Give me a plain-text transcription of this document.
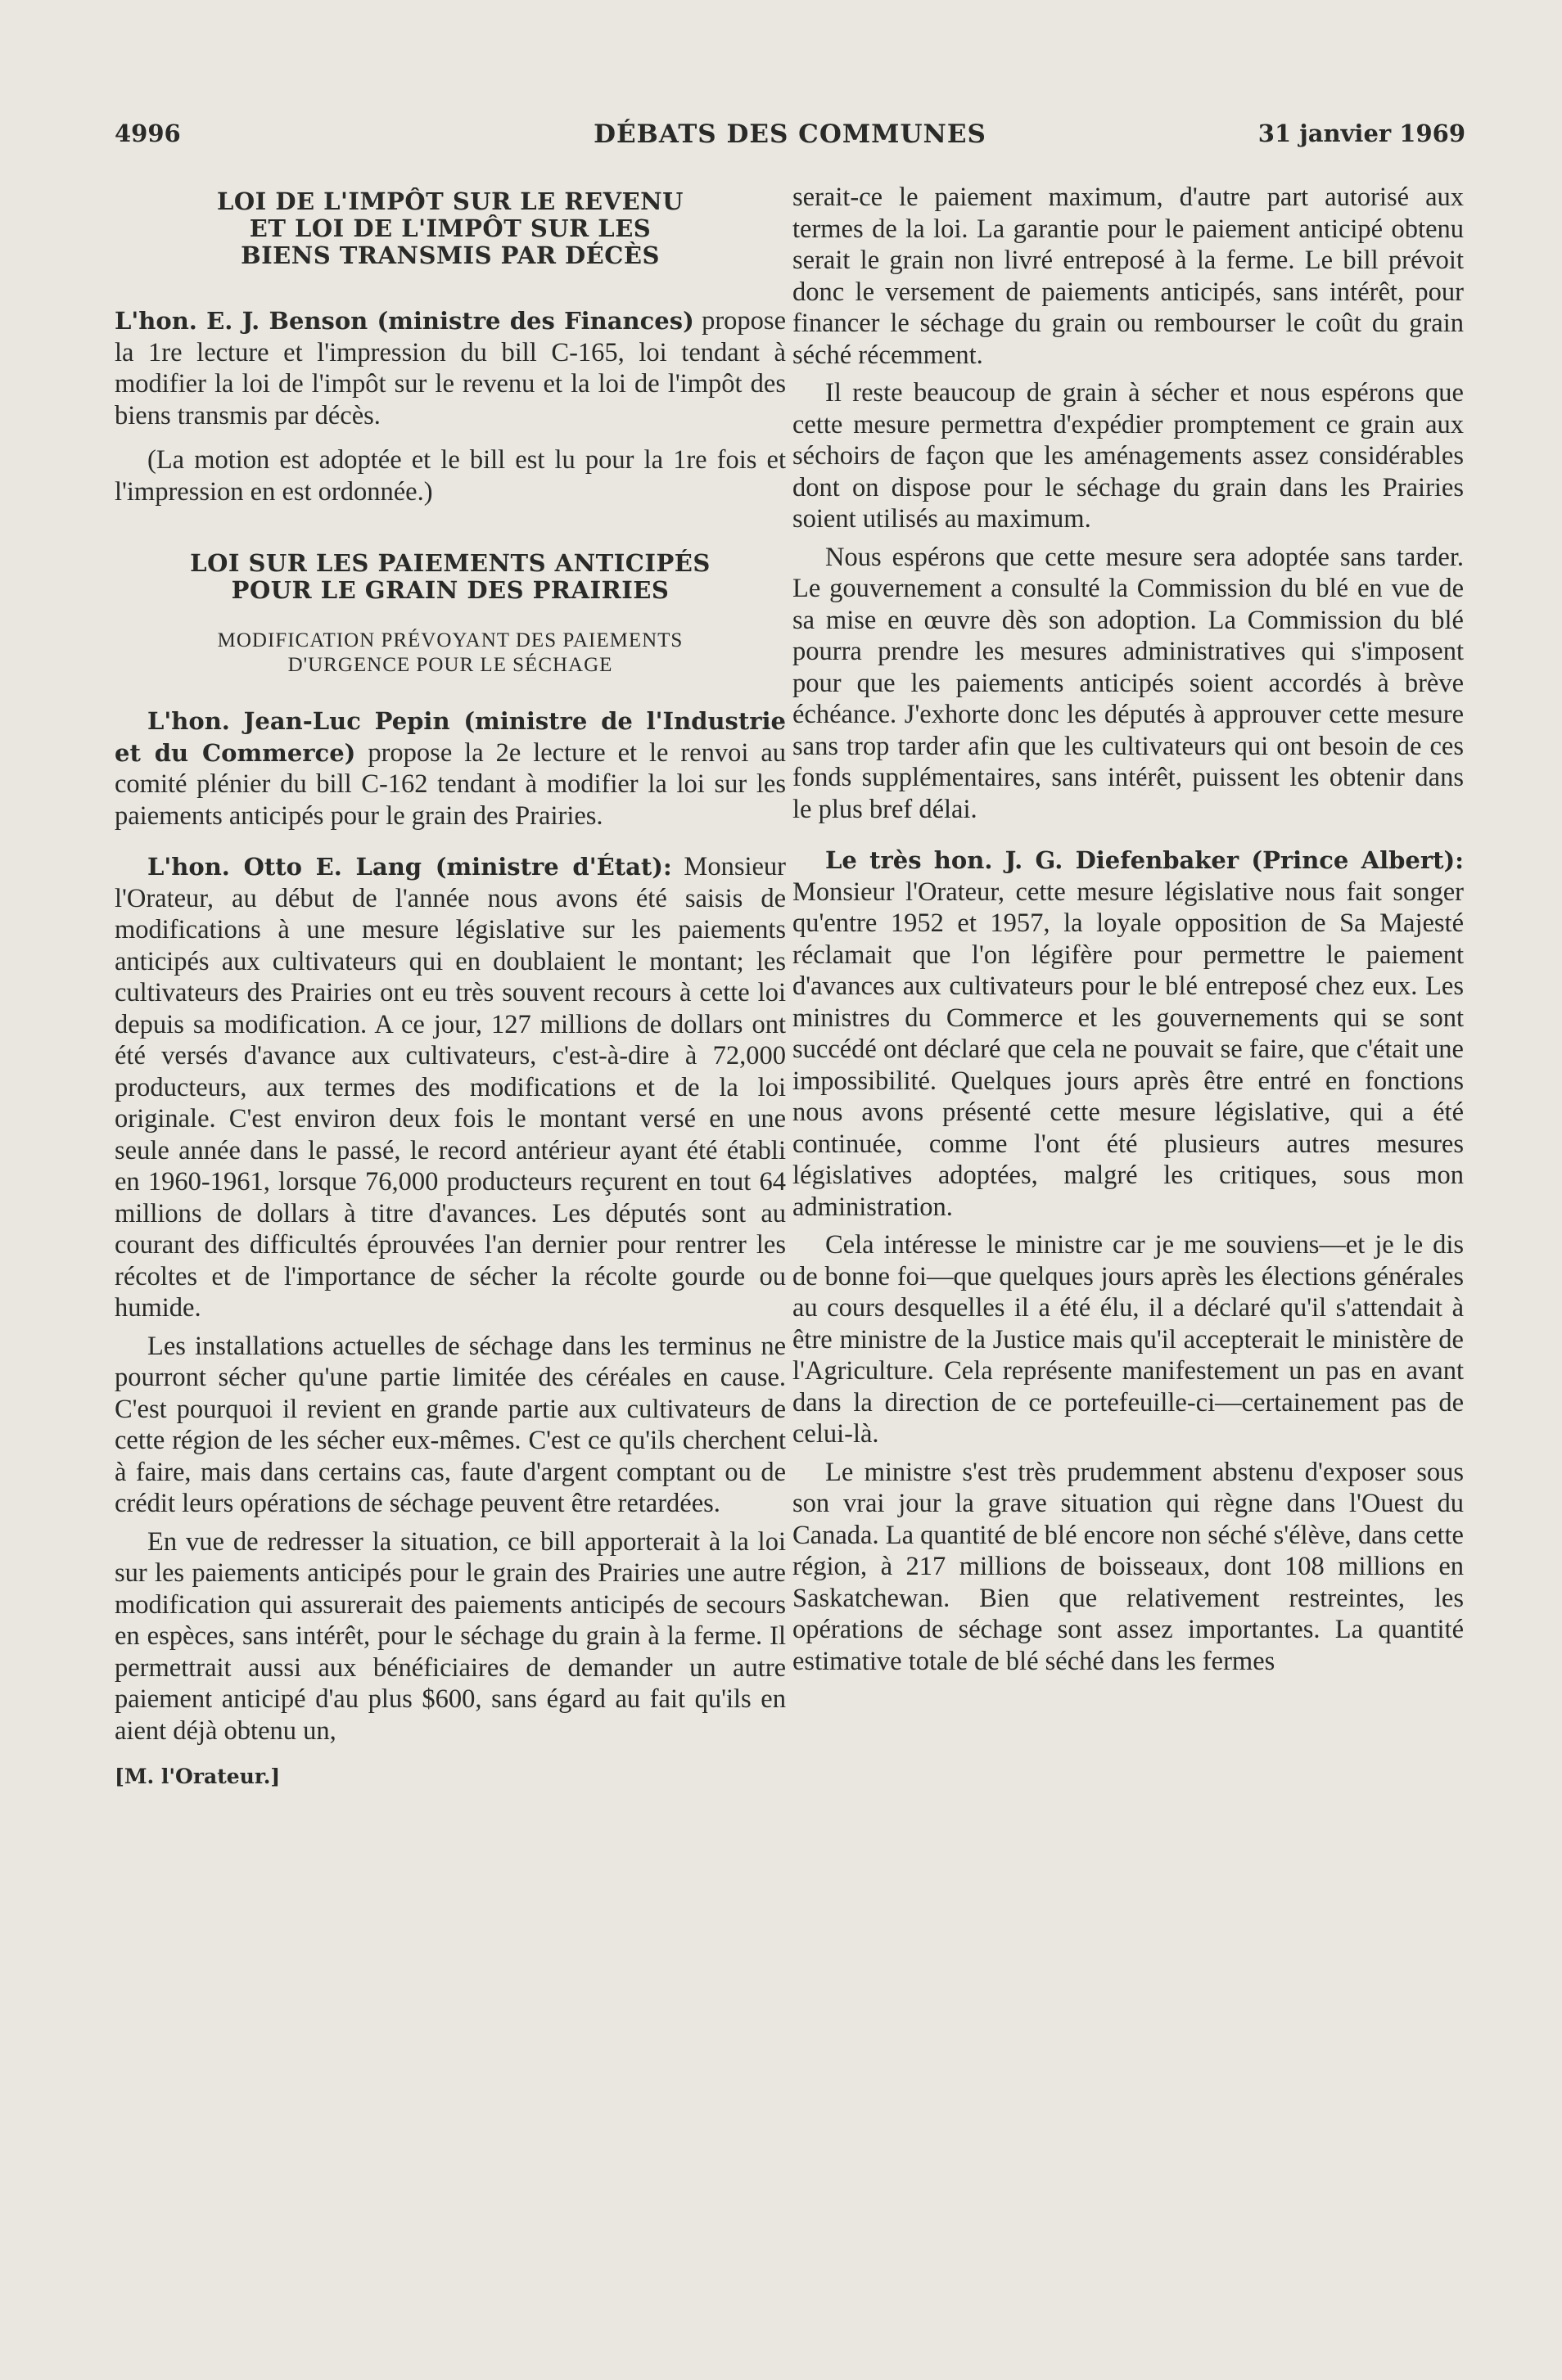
4996	DÉBATS DES COMMUNES	31 janvier 1969

LOI DE L'IMPÔT SUR LE REVENU

ET LOI DE L'IMPÔT SUR LES

BIENS TRANSMIS PAR DÉCÈS

L'hon. E. J. Benson (ministre des Finances) propose la 1re lecture et l'impression du bill C-165, loi tendant à modifier la loi de l'impôt sur le revenu et la loi de l'impôt des biens transmis par décès.

(La motion est adoptée et le bill est lu pour la 1re fois et l'impression en est ordonnée.)

LOI SUR LES PAIEMENTS ANTICIPÉS

POUR LE GRAIN DES PRAIRIES

MODIFICATION PRÉVOYANT DES PAIEMENTS

D'URGENCE POUR LE SÉCHAGE

L'hon. Jean-Luc Pepin (ministre de l'Industrie et du Commerce) propose la 2e lecture et le renvoi au comité plénier du bill C-162 tendant à modifier la loi sur les paiements anticipés pour le grain des Prairies.

L'hon. Otto E. Lang (ministre d'État): Monsieur l'Orateur, au début de l'année nous avons été saisis de modifications à une mesure législative sur les paiements anticipés aux cultivateurs qui en doublaient le montant; les cultivateurs des Prairies ont eu très souvent recours à cette loi depuis sa modification. A ce jour, 127 millions de dollars ont été versés d'avance aux cultivateurs, c'est-à-dire à 72,000 producteurs, aux termes des modifications et de la loi originale. C'est environ deux fois le montant versé en une seule année dans le passé, le record antérieur ayant été établi en 1960-1961, lorsque 76,000 producteurs reçurent en tout 64 millions de dollars à titre d'avances. Les députés sont au courant des difficultés éprouvées l'an dernier pour rentrer les récoltes et de l'importance de sécher la récolte gourde ou humide.

Les installations actuelles de séchage dans les terminus ne pourront sécher qu'une partie limitée des céréales en cause. C'est pourquoi il revient en grande partie aux cultivateurs de cette région de les sécher eux-mêmes. C'est ce qu'ils cherchent à faire, mais dans certains cas, faute d'argent comptant ou de crédit leurs opérations de séchage peuvent être retardées.

En vue de redresser la situation, ce bill apporterait à la loi sur les paiements anticipés pour le grain des Prairies une autre modification qui assurerait des paiements anticipés de secours en espèces, sans intérêt, pour le séchage du grain à la ferme. Il permettrait aussi aux bénéficiaires de demander un autre paiement anticipé d'au plus $600, sans égard au fait qu'ils en aient déjà obtenu un,

[M. l'Orateur.]

serait-ce le paiement maximum, d'autre part autorisé aux termes de la loi. La garantie pour le paiement anticipé obtenu serait le grain non livré entreposé à la ferme. Le bill prévoit donc le versement de paiements anticipés, sans intérêt, pour financer le séchage du grain ou rembourser le coût du grain séché récemment.

Il reste beaucoup de grain à sécher et nous espérons que cette mesure permettra d'expédier promptement ce grain aux séchoirs de façon que les aménagements assez considérables dont on dispose pour le séchage du grain dans les Prairies soient utilisés au maximum.

Nous espérons que cette mesure sera adoptée sans tarder. Le gouvernement a consulté la Commission du blé en vue de sa mise en œuvre dès son adoption. La Commission du blé pourra prendre les mesures administratives qui s'imposent pour que les paiements anticipés soient accordés à brève échéance. J'exhorte donc les députés à approuver cette mesure sans trop tarder afin que les cultivateurs qui ont besoin de ces fonds supplémentaires, sans intérêt, puissent les obtenir dans le plus bref délai.

Le très hon. J. G. Diefenbaker (Prince Albert): Monsieur l'Orateur, cette mesure législative nous fait songer qu'entre 1952 et 1957, la loyale opposition de Sa Majesté réclamait que l'on légifère pour permettre le paiement d'avances aux cultivateurs pour le blé entreposé chez eux. Les ministres du Commerce et les gouvernements qui se sont succédé ont déclaré que cela ne pouvait se faire, que c'était une impossibilité. Quelques jours après être entré en fonctions nous avons présenté cette mesure législative, qui a été continuée, comme l'ont été plusieurs autres mesures législatives adoptées, malgré les critiques, sous mon administration.

Cela intéresse le ministre car je me souviens—et je le dis de bonne foi—que quelques jours après les élections générales au cours desquelles il a été élu, il a déclaré qu'il s'attendait à être ministre de la Justice mais qu'il accepterait le ministère de l'Agriculture. Cela représente manifestement un pas en avant dans la direction de ce portefeuille-ci—certainement pas de celui-là.

Le ministre s'est très prudemment abstenu d'exposer sous son vrai jour la grave situation qui règne dans l'Ouest du Canada. La quantité de blé encore non séché s'élève, dans cette région, à 217 millions de boisseaux, dont 108 millions en Saskatchewan. Bien que relativement restreintes, les opérations de séchage sont assez importantes. La quantité estimative totale de blé séché dans les fermes
